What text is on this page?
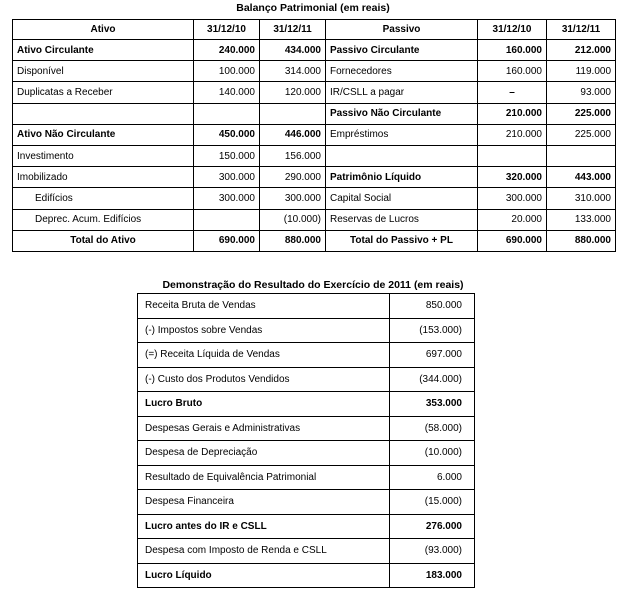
Balanço Patrimonial (em reais)
Ativo	31/12/10	31/12/11	Passivo	31/12/10	31/12/11
Ativo Circulante	240.000	434.000	Passivo Circulante	160.000	212.000
Disponível	100.000	314.000	Fornecedores	160.000	119.000
Duplicatas a Receber	140.000	120.000	IR/CSLL a pagar	–	93.000
			Passivo Não Circulante	210.000	225.000
Ativo Não Circulante	450.000	446.000	Empréstimos	210.000	225.000
Investimento	150.000	156.000			
Imobilizado	300.000	290.000	Patrimônio Líquido	320.000	443.000
Edifícios	300.000	300.000	Capital Social	300.000	310.000
Deprec. Acum. Edifícios		(10.000)	Reservas de Lucros	20.000	133.000
Total do Ativo	690.000	880.000	Total do Passivo + PL	690.000	880.000
Demonstração do Resultado do Exercício de 2011 (em reais)
Receita Bruta de Vendas	850.000
(-) Impostos sobre Vendas	(153.000)
(=) Receita Líquida de Vendas	697.000
(-) Custo dos Produtos Vendidos	(344.000)
Lucro Bruto	353.000
Despesas Gerais e Administrativas	(58.000)
Despesa de Depreciação	(10.000)
Resultado de Equivalência Patrimonial	6.000
Despesa Financeira	(15.000)
Lucro antes do IR e CSLL	276.000
Despesa com Imposto de Renda e CSLL	(93.000)
Lucro Líquido	183.000
